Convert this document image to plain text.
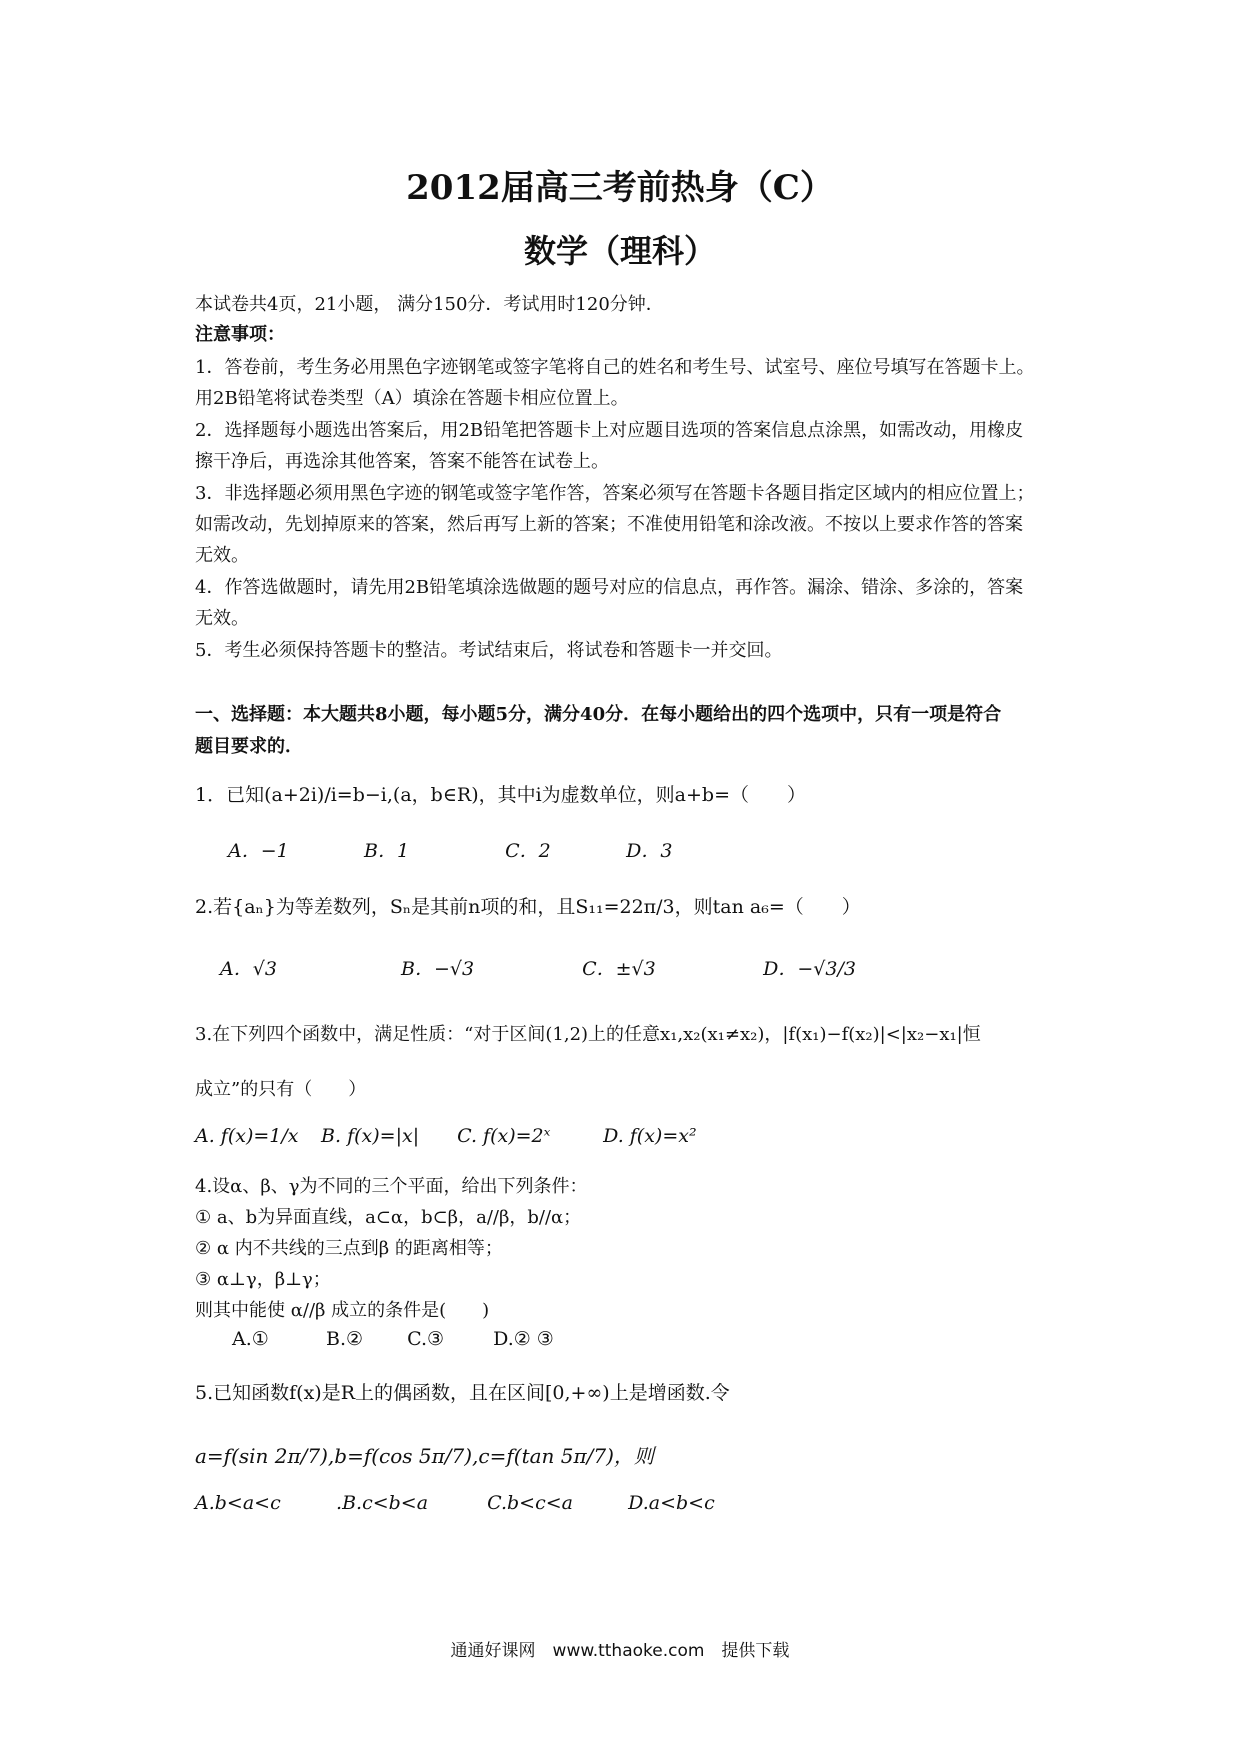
2012届高三考前热身（C）
数学（理科）
本试卷共4页，21小题， 满分150分．考试用时120分钟．
注意事项：
1．答卷前，考生务必用黑色字迹钢笔或签字笔将自己的姓名和考生号、试室号、座位号填写在答题卡上。
用2B铅笔将试卷类型（A）填涂在答题卡相应位置上。
2．选择题每小题选出答案后，用2B铅笔把答题卡上对应题目选项的答案信息点涂黑，如需改动，用橡皮
擦干净后，再选涂其他答案，答案不能答在试卷上。
3．非选择题必须用黑色字迹的钢笔或签字笔作答，答案必须写在答题卡各题目指定区域内的相应位置上；
如需改动，先划掉原来的答案，然后再写上新的答案；不准使用铅笔和涂改液。不按以上要求作答的答案
无效。
4．作答选做题时，请先用2B铅笔填涂选做题的题号对应的信息点，再作答。漏涂、错涂、多涂的，答案
无效。
5．考生必须保持答题卡的整洁。考试结束后，将试卷和答题卡一并交回。
一、选择题：本大题共8小题，每小题5分，满分40分．在每小题给出的四个选项中，只有一项是符合
题目要求的．
1．已知(a+2i)/i=b−i,(a，b∈R)，其中i为虚数单位，则a+b=（　　）
A．−1	B．1	C．2	D．3
2.若{aₙ}为等差数列，Sₙ是其前n项的和，且S₁₁=22π/3，则tan a₆=（　　）
A．√3	B．−√3	C．±√3	D．−√3/3
3.在下列四个函数中，满足性质：“对于区间(1,2)上的任意x₁,x₂(x₁≠x₂)，|f(x₁)−f(x₂)|<|x₂−x₁|恒
成立”的只有（　　）
A. f(x)=1/x B. f(x)=|x| C. f(x)=2ˣ	D. f(x)=x²
4.设α、β、γ为不同的三个平面，给出下列条件：
① a、b为异面直线，a⊂α，b⊂β，a//β，b//α；
② α 内不共线的三点到β 的距离相等；
③ α⊥γ，β⊥γ；
则其中能使 α//β 成立的条件是(　　)
A.①	B.② C.③	D.② ③
5.已知函数f(x)是R上的偶函数，且在区间[0,+∞)上是增函数.令
a=f(sin 2π/7),b=f(cos 5π/7),c=f(tan 5π/7)，则
A.b<a<c	.B.c<b<a	C.b<c<a	D.a<b<c
通通好课网　www.tthaoke.com　提供下载
